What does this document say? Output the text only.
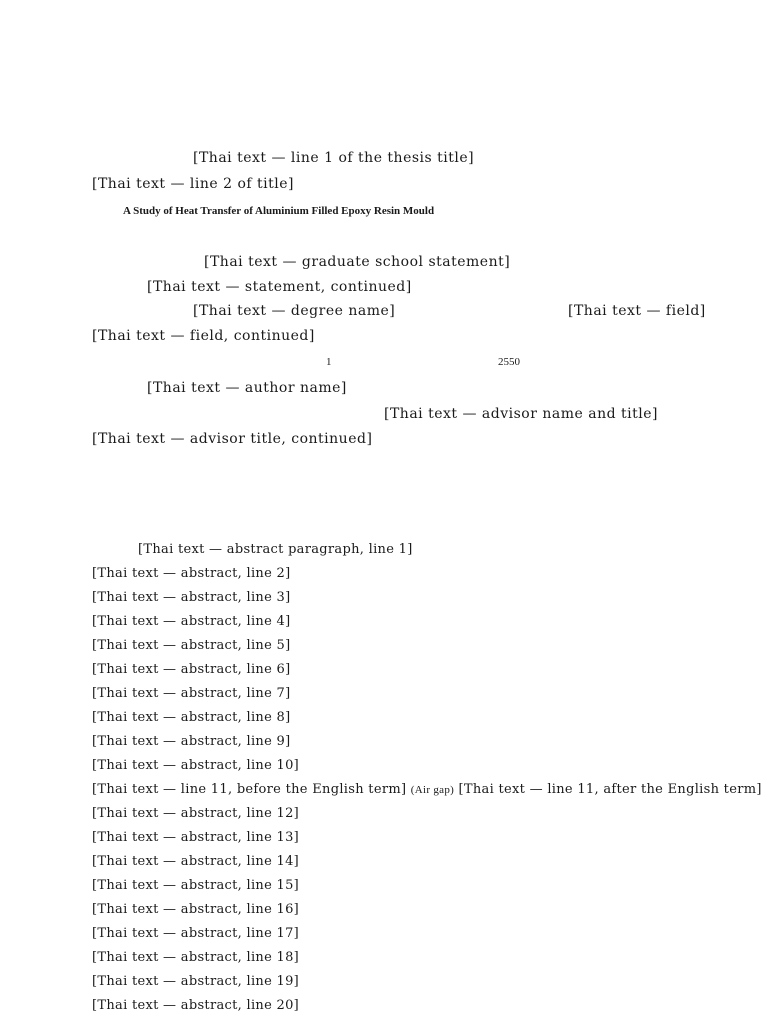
[Thai text — line 1 of the thesis title]
[Thai text — line 2 of title]
A Study of Heat Transfer of Aluminium Filled Epoxy Resin Mould
[Thai text — graduate school statement]
[Thai text — statement, continued]
[Thai text — degree name]	[Thai text — field]
[Thai text — field, continued]
1	2550
[Thai text — author name]
[Thai text — advisor name and title]
[Thai text — advisor title, continued]
[Thai text — abstract paragraph, line 1]
[Thai text — abstract, line 2]
[Thai text — abstract, line 3]
[Thai text — abstract, line 4]
[Thai text — abstract, line 5]
[Thai text — abstract, line 6]
[Thai text — abstract, line 7]
[Thai text — abstract, line 8]
[Thai text — abstract, line 9]
[Thai text — abstract, line 10]
[Thai text — line 11, before the English term] (Air gap) [Thai text — line 11, after the English term]
[Thai text — abstract, line 12]
[Thai text — abstract, line 13]
[Thai text — abstract, line 14]
[Thai text — abstract, line 15]
[Thai text — abstract, line 16]
[Thai text — abstract, line 17]
[Thai text — abstract, line 18]
[Thai text — abstract, line 19]
[Thai text — abstract, line 20]
